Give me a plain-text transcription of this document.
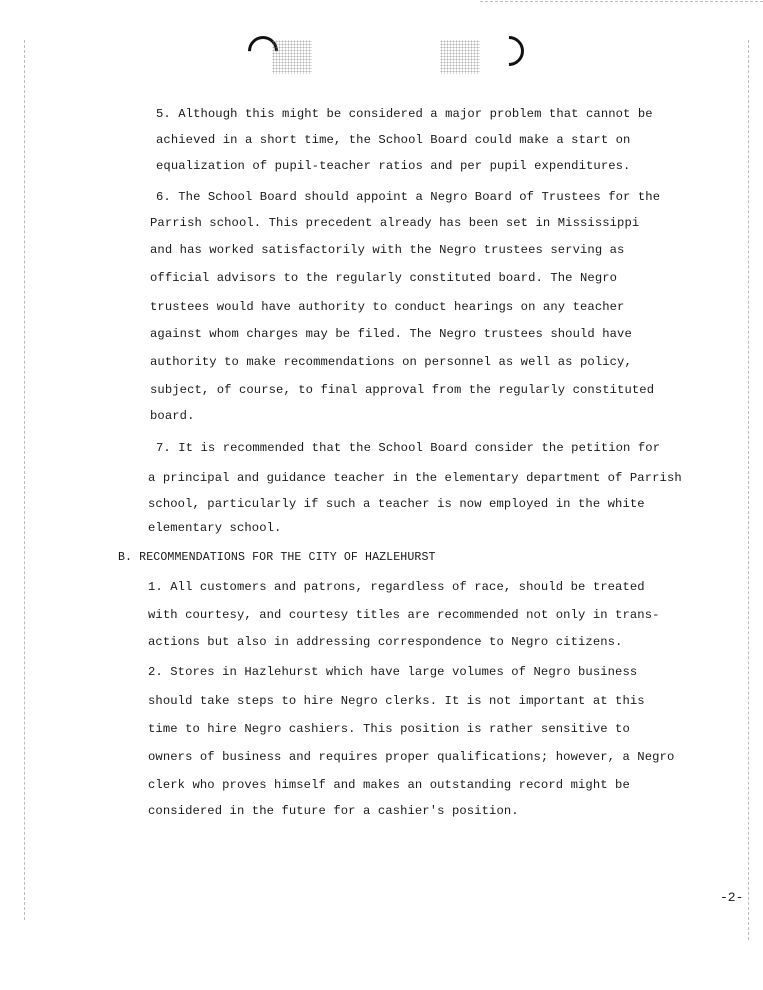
5. Although this might be considered a major problem that cannot be
achieved in a short time, the School Board could make a start on
equalization of pupil-teacher ratios and per pupil expenditures.
6. The School Board should appoint a Negro Board of Trustees for the
Parrish school. This precedent already has been set in Mississippi
and has worked satisfactorily with the Negro trustees serving as
official advisors to the regularly constituted board. The Negro
trustees would have authority to conduct hearings on any teacher
against whom charges may be filed. The Negro trustees should have
authority to make recommendations on personnel as well as policy,
subject, of course, to final approval from the regularly constituted
board.
7. It is recommended that the School Board consider the petition for
a principal and guidance teacher in the elementary department of Parrish
school, particularly if such a teacher is now employed in the white
elementary school.
B. RECOMMENDATIONS FOR THE CITY OF HAZLEHURST
1. All customers and patrons, regardless of race, should be treated
with courtesy, and courtesy titles are recommended not only in trans-
actions but also in addressing correspondence to Negro citizens.
2. Stores in Hazlehurst which have large volumes of Negro business
should take steps to hire Negro clerks. It is not important at this
time to hire Negro cashiers. This position is rather sensitive to
owners of business and requires proper qualifications; however, a Negro
clerk who proves himself and makes an outstanding record might be
considered in the future for a cashier's position.
-2-
